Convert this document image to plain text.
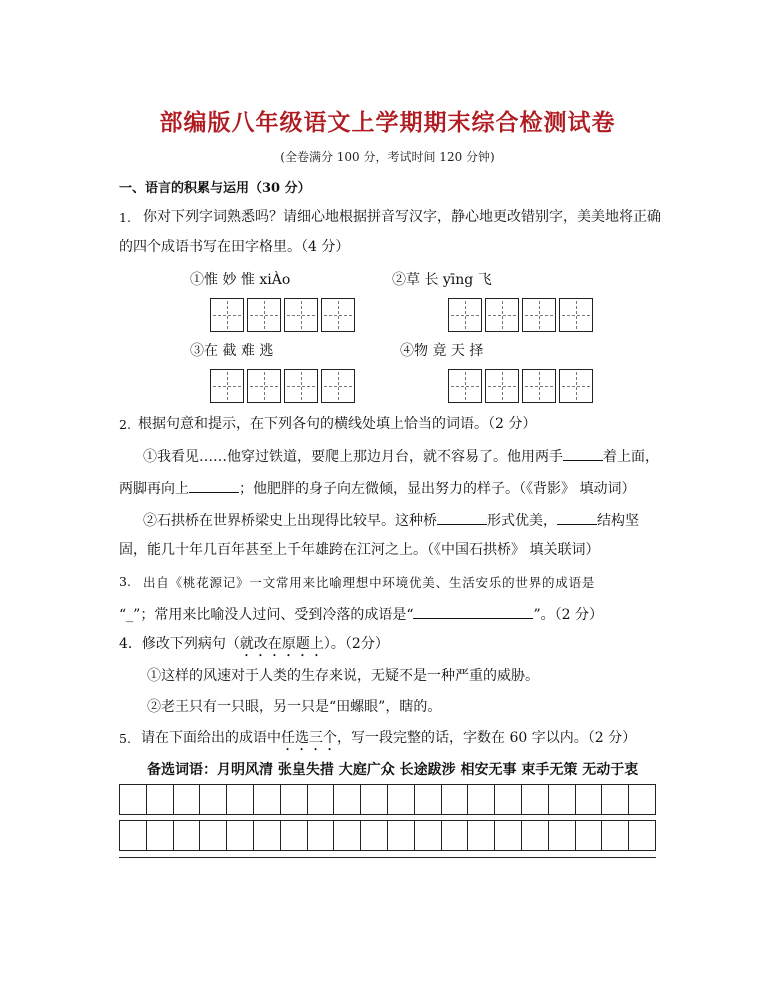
部编版八年级语文上学期期末综合检测试卷
(全卷满分 100 分，考试时间 120 分钟)
一、语言的积累与运用（30 分）
1. 你对下列字词熟悉吗？请细心地根据拼音写汉字，静心地更改错别字，美美地将正确
的四个成语书写在田字格里。（4 分）
①惟 妙 惟 xiÀo	②草 长 yīng 飞
③在 截 难 逃	④物 竟 天 择
2. 根据句意和提示，在下列各句的横线处填上恰当的词语。（2 分）
①我看见……他穿过铁道，要爬上那边月台，就不容易了。他用两手	着上面，
两脚再向上	；他肥胖的身子向左微倾，显出努力的样子。（《背影》 填动词）
②石拱桥在世界桥梁史上出现得比较早。这种桥	形式优美，	结构坚
固，能几十年几百年甚至上千年雄跨在江河之上。（《中国石拱桥》 填关联词）
3. 出自《桃花源记》一文常用来比喻理想中环境优美、生活安乐的世界的成语是
“_”；常用来比喻没人过问、受到冷落的成语是“	”。（2 分）
4．修改下列病句（就改在原题上）。（2分）
①这样的风速对于人类的生存来说，无疑不是一种严重的威胁。
②老王只有一只眼，另一只是“田螺眼”，瞎的。
5. 请在下面给出的成语中任选三个，写一段完整的话，字数在 60 字以内。（2 分）
备选词语：月明风清 张皇失措 大庭广众 长途跋涉 相安无事 束手无策 无动于衷
